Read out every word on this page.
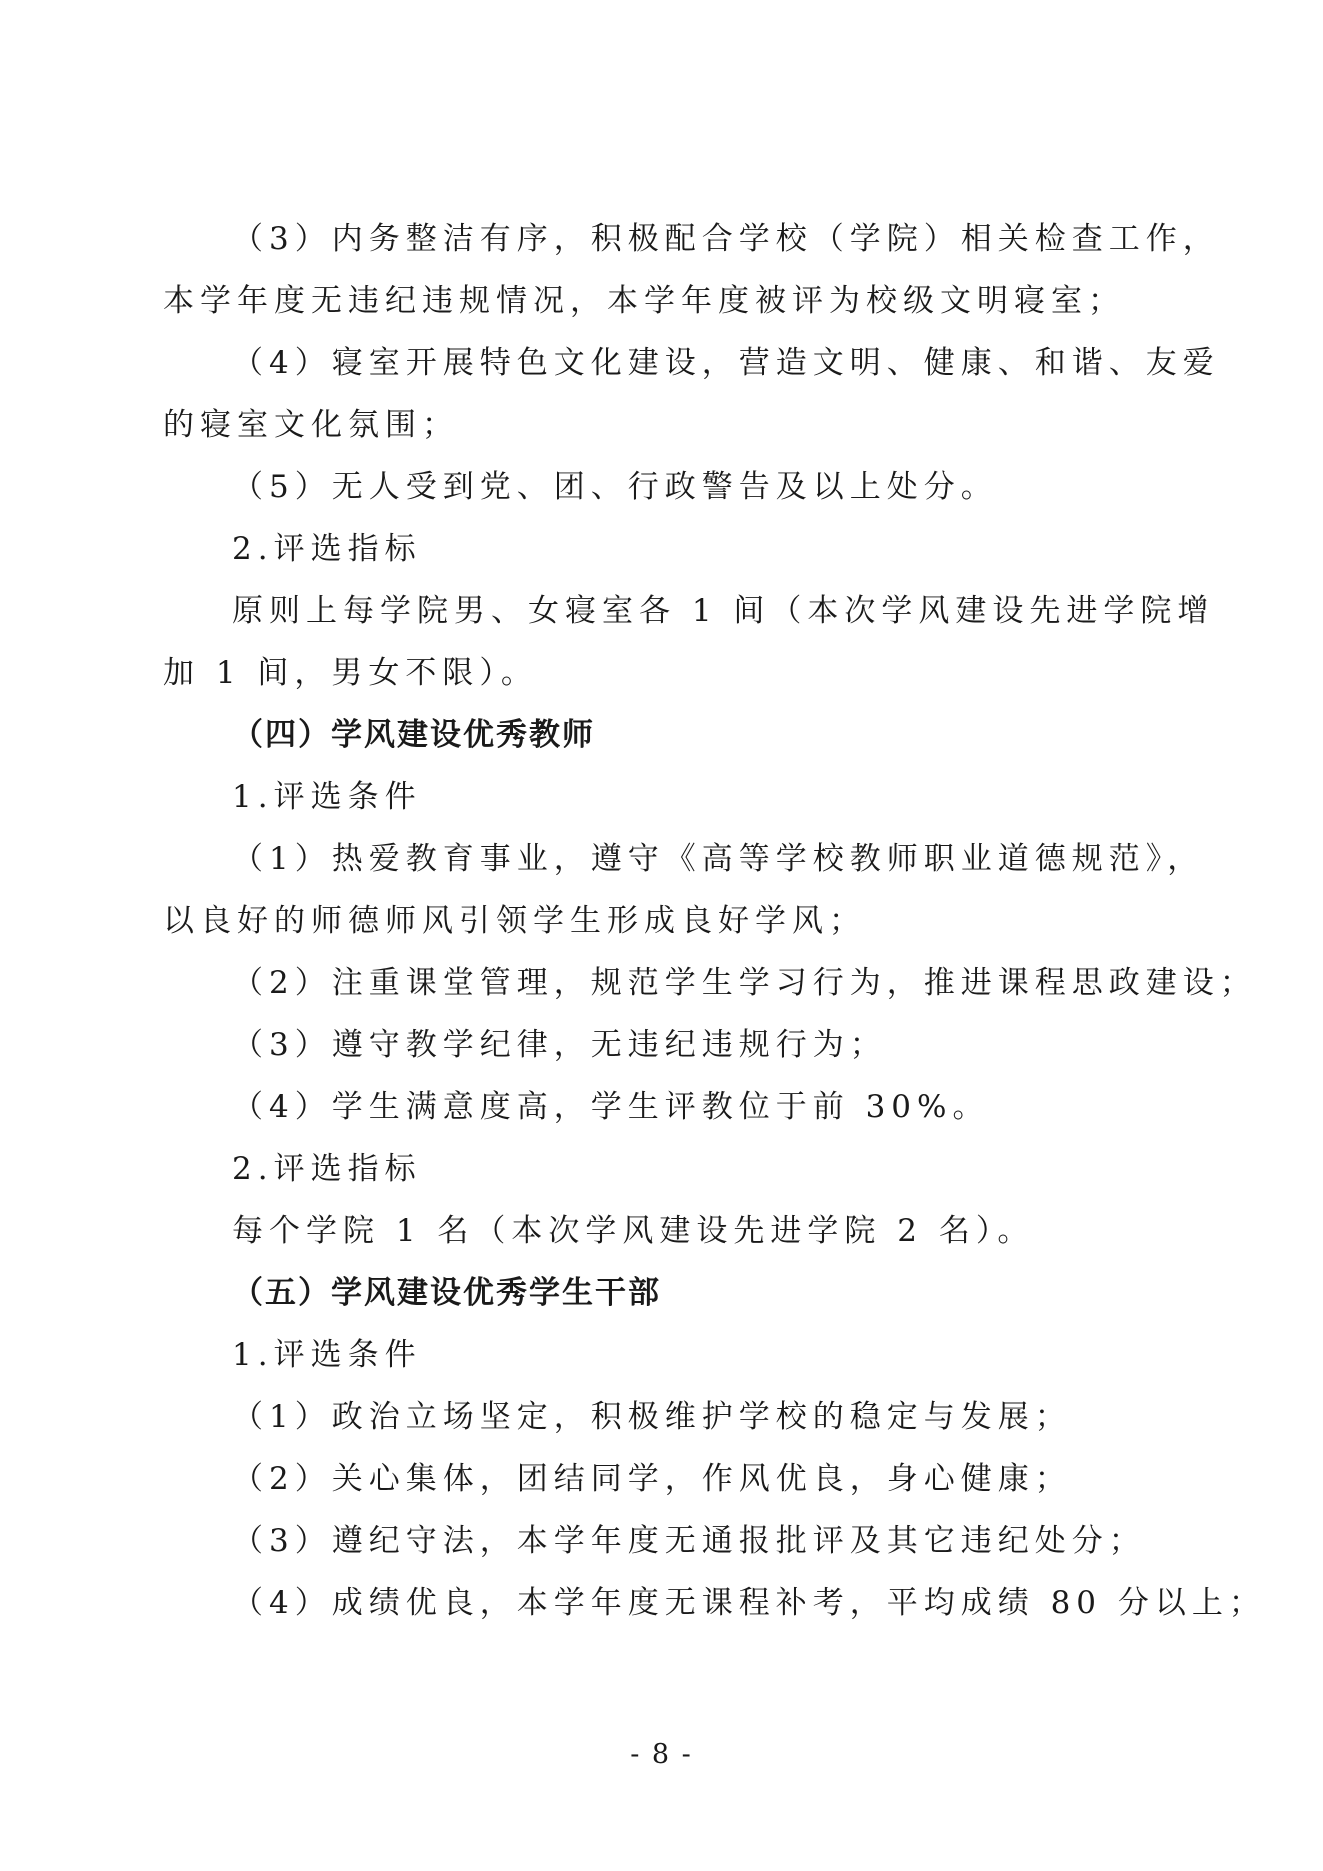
（3）内务整洁有序，积极配合学校（学院）相关检查工作，
本学年度无违纪违规情况，本学年度被评为校级文明寝室；
（4）寝室开展特色文化建设，营造文明、健康、和谐、友爱
的寝室文化氛围；
（5）无人受到党、团、行政警告及以上处分。
2.评选指标
原则上每学院男、女寝室各 1 间（本次学风建设先进学院增
加 1 间，男女不限）。
（四）学风建设优秀教师
1.评选条件
（1）热爱教育事业，遵守《高等学校教师职业道德规范》，
以良好的师德师风引领学生形成良好学风；
（2）注重课堂管理，规范学生学习行为，推进课程思政建设；
（3）遵守教学纪律，无违纪违规行为；
（4）学生满意度高，学生评教位于前 30%。
2.评选指标
每个学院 1 名（本次学风建设先进学院 2 名）。
（五）学风建设优秀学生干部
1.评选条件
（1）政治立场坚定，积极维护学校的稳定与发展；
（2）关心集体，团结同学，作风优良，身心健康；
（3）遵纪守法，本学年度无通报批评及其它违纪处分；
（4）成绩优良，本学年度无课程补考，平均成绩 80 分以上；
- 8 -
